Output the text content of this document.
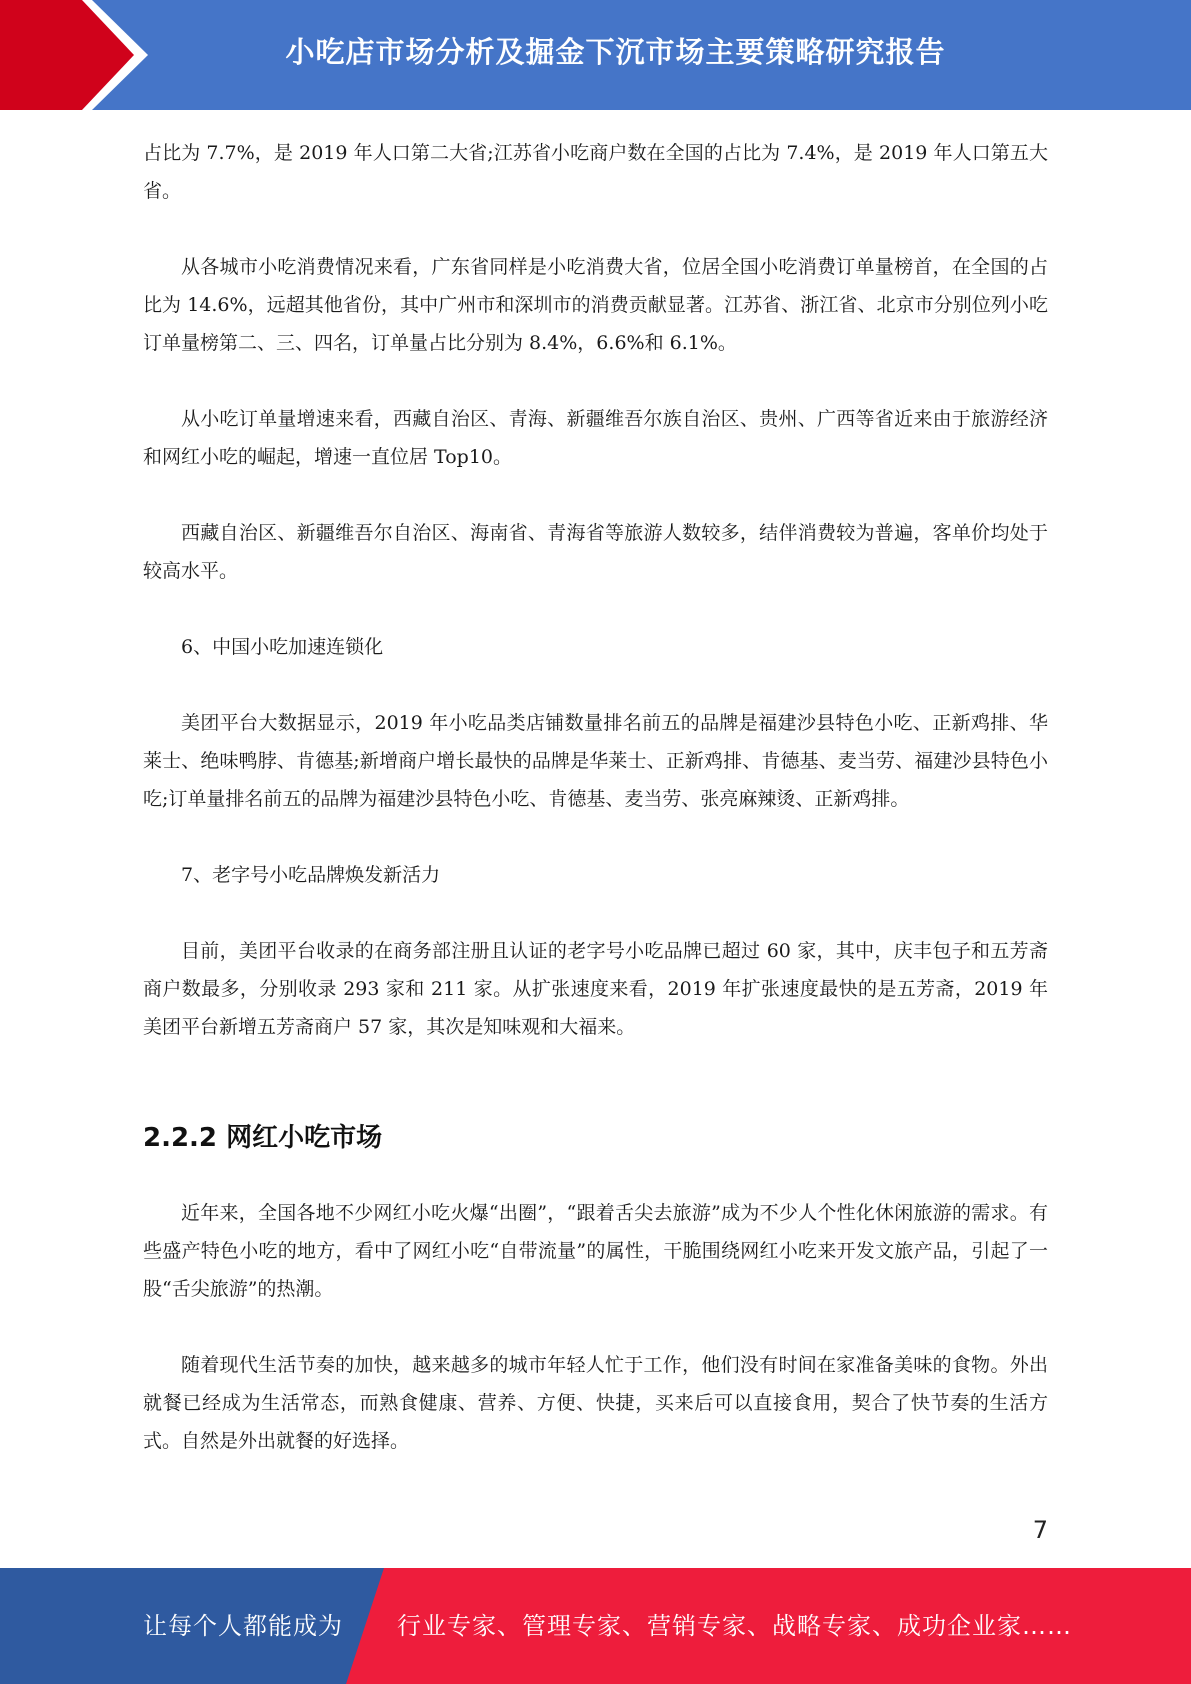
小吃店市场分析及掘金下沉市场主要策略研究报告

占比为 7.7%，是 2019 年人口第二大省;江苏省小吃商户数在全国的占比为 7.4%，是 2019 年人口第五大省。

从各城市小吃消费情况来看，广东省同样是小吃消费大省，位居全国小吃消费订单量榜首，在全国的占比为 14.6%，远超其他省份，其中广州市和深圳市的消费贡献显著。江苏省、浙江省、北京市分别位列小吃订单量榜第二、三、四名，订单量占比分别为 8.4%，6.6%和 6.1%。

从小吃订单量增速来看，西藏自治区、青海、新疆维吾尔族自治区、贵州、广西等省近来由于旅游经济和网红小吃的崛起，增速一直位居 Top10。

西藏自治区、新疆维吾尔自治区、海南省、青海省等旅游人数较多，结伴消费较为普遍，客单价均处于较高水平。

6、中国小吃加速连锁化

美团平台大数据显示，2019 年小吃品类店铺数量排名前五的品牌是福建沙县特色小吃、正新鸡排、华莱士、绝味鸭脖、肯德基;新增商户增长最快的品牌是华莱士、正新鸡排、肯德基、麦当劳、福建沙县特色小吃;订单量排名前五的品牌为福建沙县特色小吃、肯德基、麦当劳、张亮麻辣烫、正新鸡排。

7、老字号小吃品牌焕发新活力

目前，美团平台收录的在商务部注册且认证的老字号小吃品牌已超过 60 家，其中，庆丰包子和五芳斋商户数最多，分别收录 293 家和 211 家。从扩张速度来看，2019 年扩张速度最快的是五芳斋，2019 年美团平台新增五芳斋商户 57 家，其次是知味观和大福来。

2.2.2 网红小吃市场

近年来，全国各地不少网红小吃火爆“出圈”，“跟着舌尖去旅游”成为不少人个性化休闲旅游的需求。有些盛产特色小吃的地方，看中了网红小吃“自带流量”的属性，干脆围绕网红小吃来开发文旅产品，引起了一股“舌尖旅游”的热潮。

随着现代生活节奏的加快，越来越多的城市年轻人忙于工作，他们没有时间在家准备美味的食物。外出就餐已经成为生活常态，而熟食健康、营养、方便、快捷，买来后可以直接食用，契合了快节奏的生活方式。自然是外出就餐的好选择。

7
让每个人都能成为 行业专家、管理专家、营销专家、战略专家、成功企业家……
